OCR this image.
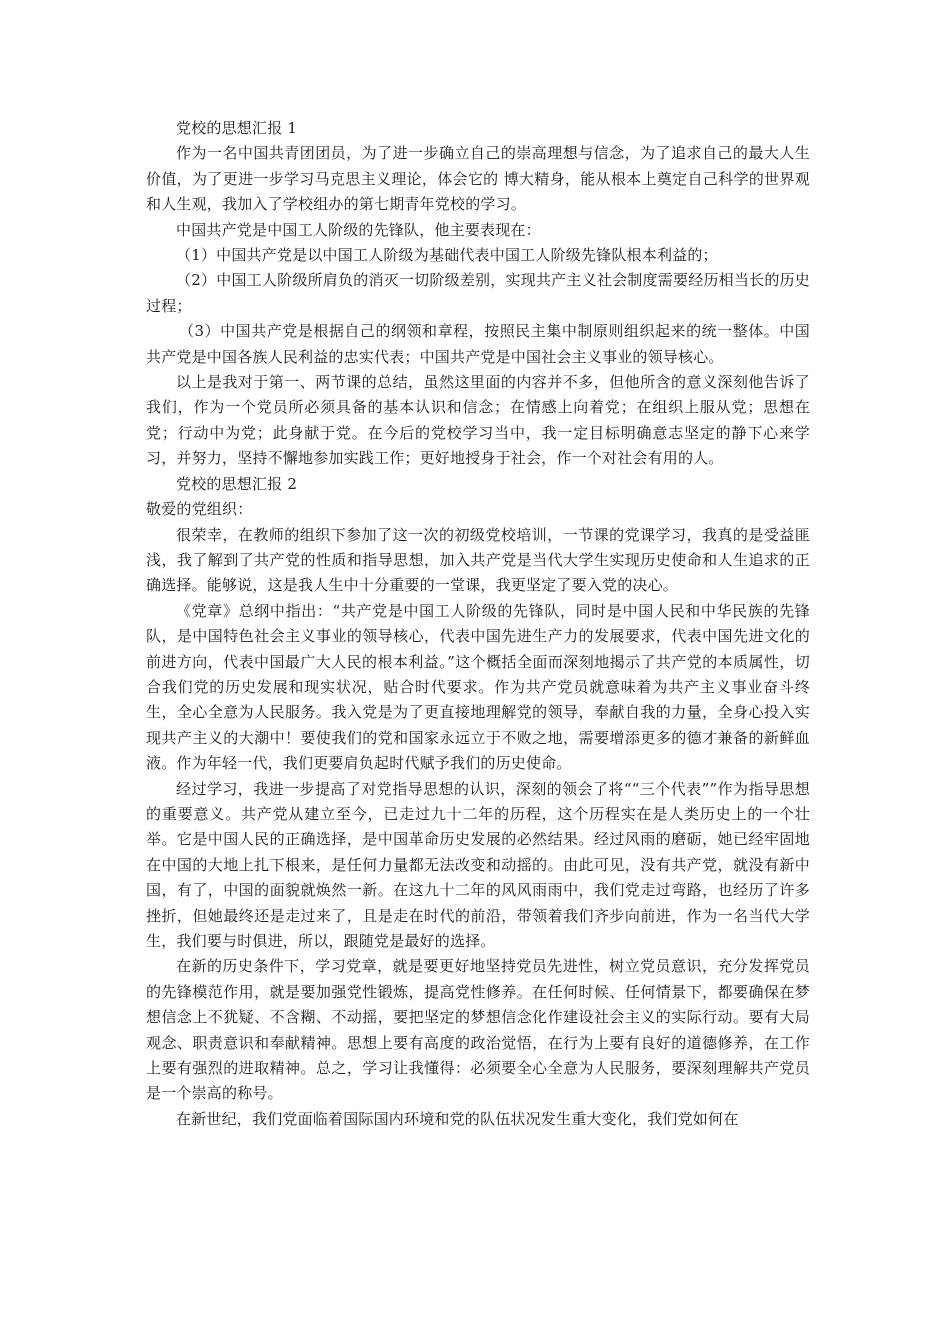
党校的思想汇报 1

作为一名中国共青团团员，为了进一步确立自己的崇高理想与信念，为了追求自己的最大人生价值，为了更进一步学习马克思主义理论，体会它的 博大精身，能从根本上奠定自己科学的世界观和人生观，我加入了学校组办的第七期青年党校的学习。

中国共产党是中国工人阶级的先锋队，他主要表现在：

（1）中国共产党是以中国工人阶级为基础代表中国工人阶级先锋队根本利益的；

（2）中国工人阶级所肩负的消灭一切阶级差别，实现共产主义社会制度需要经历相当长的历史过程；

（3）中国共产党是根据自己的纲领和章程，按照民主集中制原则组织起来的统一整体。中国共产党是中国各族人民利益的忠实代表；中国共产党是中国社会主义事业的领导核心。

以上是我对于第一、两节课的总结，虽然这里面的内容并不多，但他所含的意义深刻他告诉了我们，作为一个党员所必须具备的基本认识和信念；在情感上向着党；在组织上服从党；思想在党；行动中为党；此身献于党。在今后的党校学习当中，我一定目标明确意志坚定的静下心来学习，并努力，坚持不懈地参加实践工作；更好地授身于社会，作一个对社会有用的人。

党校的思想汇报 2

敬爱的党组织：

很荣幸，在教师的组织下参加了这一次的初级党校培训，一节课的党课学习，我真的是受益匪浅，我了解到了共产党的性质和指导思想，加入共产党是当代大学生实现历史使命和人生追求的正确选择。能够说，这是我人生中十分重要的一堂课，我更坚定了要入党的决心。

《党章》总纲中指出：“共产党是中国工人阶级的先锋队，同时是中国人民和中华民族的先锋队，是中国特色社会主义事业的领导核心，代表中国先进生产力的发展要求，代表中国先进文化的前进方向，代表中国最广大人民的根本利益。”这个概括全面而深刻地揭示了共产党的本质属性，切合我们党的历史发展和现实状况，贴合时代要求。作为共产党员就意味着为共产主义事业奋斗终生，全心全意为人民服务。我入党是为了更直接地理解党的领导，奉献自我的力量，全身心投入实现共产主义的大潮中！要使我们的党和国家永远立于不败之地，需要增添更多的德才兼备的新鲜血液。作为年轻一代，我们更要肩负起时代赋予我们的历史使命。

经过学习，我进一步提高了对党指导思想的认识，深刻的领会了将““三个代表””作为指导思想的重要意义。共产党从建立至今，已走过九十二年的历程，这个历程实在是人类历史上的一个壮举。它是中国人民的正确选择，是中国革命历史发展的必然结果。经过风雨的磨砺，她已经牢固地在中国的大地上扎下根来，是任何力量都无法改变和动摇的。由此可见，没有共产党，就没有新中国，有了，中国的面貌就焕然一新。在这九十二年的风风雨雨中，我们党走过弯路，也经历了许多挫折，但她最终还是走过来了，且是走在时代的前沿，带领着我们齐步向前进，作为一名当代大学生，我们要与时俱进，所以，跟随党是最好的选择。

在新的历史条件下，学习党章，就是要更好地坚持党员先进性，树立党员意识，充分发挥党员的先锋模范作用，就是要加强党性锻炼，提高党性修养。在任何时候、任何情景下，都要确保在梦想信念上不犹疑、不含糊、不动摇，要把坚定的梦想信念化作建设社会主义的实际行动。要有大局观念、职责意识和奉献精神。思想上要有高度的政治觉悟，在行为上要有良好的道德修养，在工作上要有强烈的进取精神。总之，学习让我懂得：必须要全心全意为人民服务，要深刻理解共产党员是一个崇高的称号。

在新世纪，我们党面临着国际国内环境和党的队伍状况发生重大变化，我们党如何在
